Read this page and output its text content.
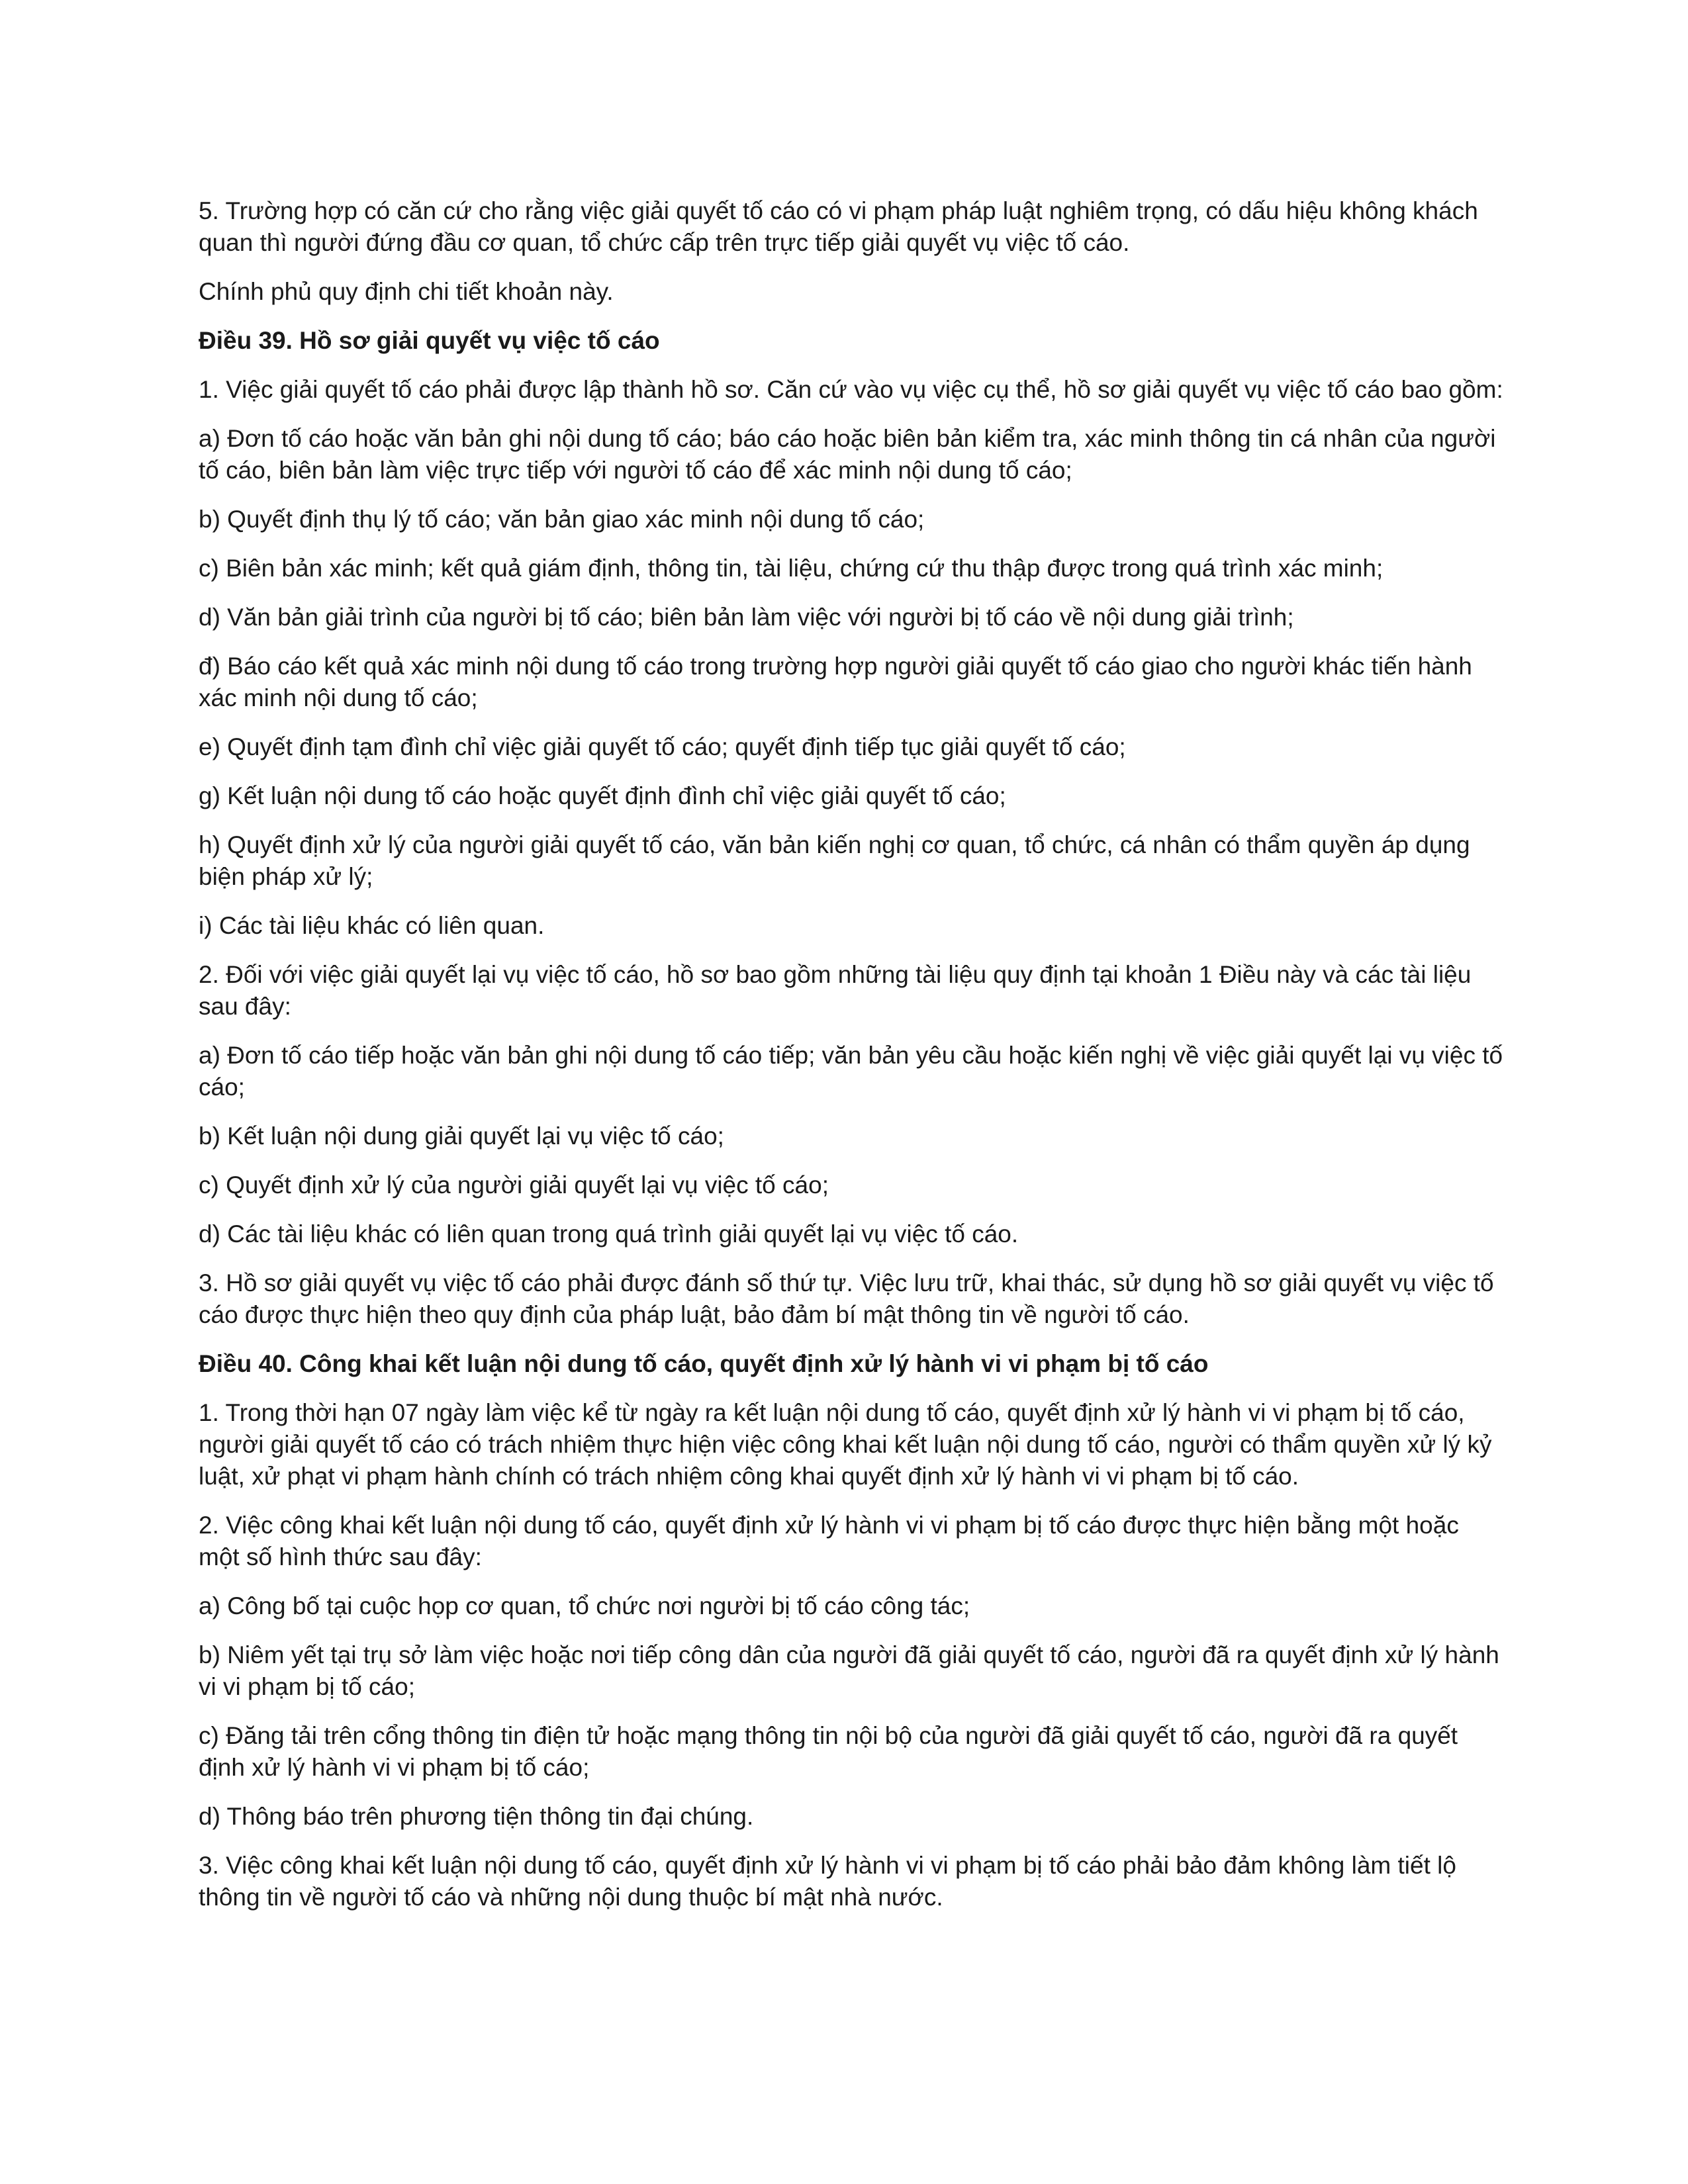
5. Trường hợp có căn cứ cho rằng việc giải quyết tố cáo có vi phạm pháp luật nghiêm trọng, có dấu hiệu không khách quan thì người đứng đầu cơ quan, tổ chức cấp trên trực tiếp giải quyết vụ việc tố cáo.

Chính phủ quy định chi tiết khoản này.

Điều 39. Hồ sơ giải quyết vụ việc tố cáo

1. Việc giải quyết tố cáo phải được lập thành hồ sơ. Căn cứ vào vụ việc cụ thể, hồ sơ giải quyết vụ việc tố cáo bao gồm:

a) Đơn tố cáo hoặc văn bản ghi nội dung tố cáo; báo cáo hoặc biên bản kiểm tra, xác minh thông tin cá nhân của người tố cáo, biên bản làm việc trực tiếp với người tố cáo để xác minh nội dung tố cáo;

b) Quyết định thụ lý tố cáo; văn bản giao xác minh nội dung tố cáo;

c) Biên bản xác minh; kết quả giám định, thông tin, tài liệu, chứng cứ thu thập được trong quá trình xác minh;

d) Văn bản giải trình của người bị tố cáo; biên bản làm việc với người bị tố cáo về nội dung giải trình;

đ) Báo cáo kết quả xác minh nội dung tố cáo trong trường hợp người giải quyết tố cáo giao cho người khác tiến hành xác minh nội dung tố cáo;

e) Quyết định tạm đình chỉ việc giải quyết tố cáo; quyết định tiếp tục giải quyết tố cáo;

g) Kết luận nội dung tố cáo hoặc quyết định đình chỉ việc giải quyết tố cáo;

h) Quyết định xử lý của người giải quyết tố cáo, văn bản kiến nghị cơ quan, tổ chức, cá nhân có thẩm quyền áp dụng biện pháp xử lý;

i) Các tài liệu khác có liên quan.

2. Đối với việc giải quyết lại vụ việc tố cáo, hồ sơ bao gồm những tài liệu quy định tại khoản 1 Điều này và các tài liệu sau đây:

a) Đơn tố cáo tiếp hoặc văn bản ghi nội dung tố cáo tiếp; văn bản yêu cầu hoặc kiến nghị về việc giải quyết lại vụ việc tố cáo;

b) Kết luận nội dung giải quyết lại vụ việc tố cáo;

c) Quyết định xử lý của người giải quyết lại vụ việc tố cáo;

d) Các tài liệu khác có liên quan trong quá trình giải quyết lại vụ việc tố cáo.

3. Hồ sơ giải quyết vụ việc tố cáo phải được đánh số thứ tự. Việc lưu trữ, khai thác, sử dụng hồ sơ giải quyết vụ việc tố cáo được thực hiện theo quy định của pháp luật, bảo đảm bí mật thông tin về người tố cáo.

Điều 40. Công khai kết luận nội dung tố cáo, quyết định xử lý hành vi vi phạm bị tố cáo

1. Trong thời hạn 07 ngày làm việc kể từ ngày ra kết luận nội dung tố cáo, quyết định xử lý hành vi vi phạm bị tố cáo, người giải quyết tố cáo có trách nhiệm thực hiện việc công khai kết luận nội dung tố cáo, người có thẩm quyền xử lý kỷ luật, xử phạt vi phạm hành chính có trách nhiệm công khai quyết định xử lý hành vi vi phạm bị tố cáo.

2. Việc công khai kết luận nội dung tố cáo, quyết định xử lý hành vi vi phạm bị tố cáo được thực hiện bằng một hoặc một số hình thức sau đây:

a) Công bố tại cuộc họp cơ quan, tổ chức nơi người bị tố cáo công tác;

b) Niêm yết tại trụ sở làm việc hoặc nơi tiếp công dân của người đã giải quyết tố cáo, người đã ra quyết định xử lý hành vi vi phạm bị tố cáo;

c) Đăng tải trên cổng thông tin điện tử hoặc mạng thông tin nội bộ của người đã giải quyết tố cáo, người đã ra quyết định xử lý hành vi vi phạm bị tố cáo;

d) Thông báo trên phương tiện thông tin đại chúng.

3. Việc công khai kết luận nội dung tố cáo, quyết định xử lý hành vi vi phạm bị tố cáo phải bảo đảm không làm tiết lộ thông tin về người tố cáo và những nội dung thuộc bí mật nhà nước.
